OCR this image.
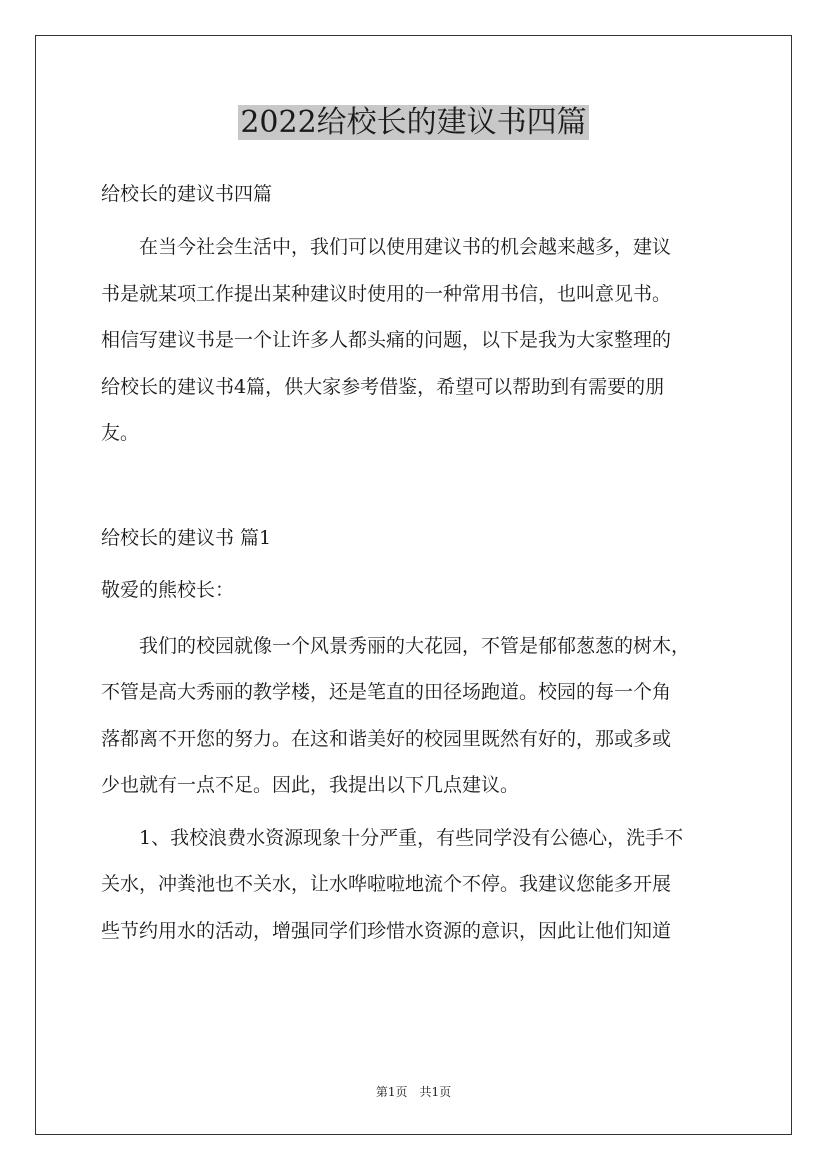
2022给校长的建议书四篇

给校长的建议书四篇

　　在当今社会生活中，我们可以使用建议书的机会越来越多，建议

书是就某项工作提出某种建议时使用的一种常用书信，也叫意见书。

相信写建议书是一个让许多人都头痛的问题，以下是我为大家整理的

给校长的建议书4篇，供大家参考借鉴，希望可以帮助到有需要的朋

友。

给校长的建议书 篇1

敬爱的熊校长：

　　我们的校园就像一个风景秀丽的大花园，不管是郁郁葱葱的树木，

不管是高大秀丽的教学楼，还是笔直的田径场跑道。校园的每一个角

落都离不开您的努力。在这和谐美好的校园里既然有好的，那或多或

少也就有一点不足。因此，我提出以下几点建议。

　　1、我校浪费水资源现象十分严重，有些同学没有公德心，洗手不

关水，冲粪池也不关水，让水哗啦啦地流个不停。我建议您能多开展

些节约用水的活动，增强同学们珍惜水资源的意识，因此让他们知道

第1页　共1页
